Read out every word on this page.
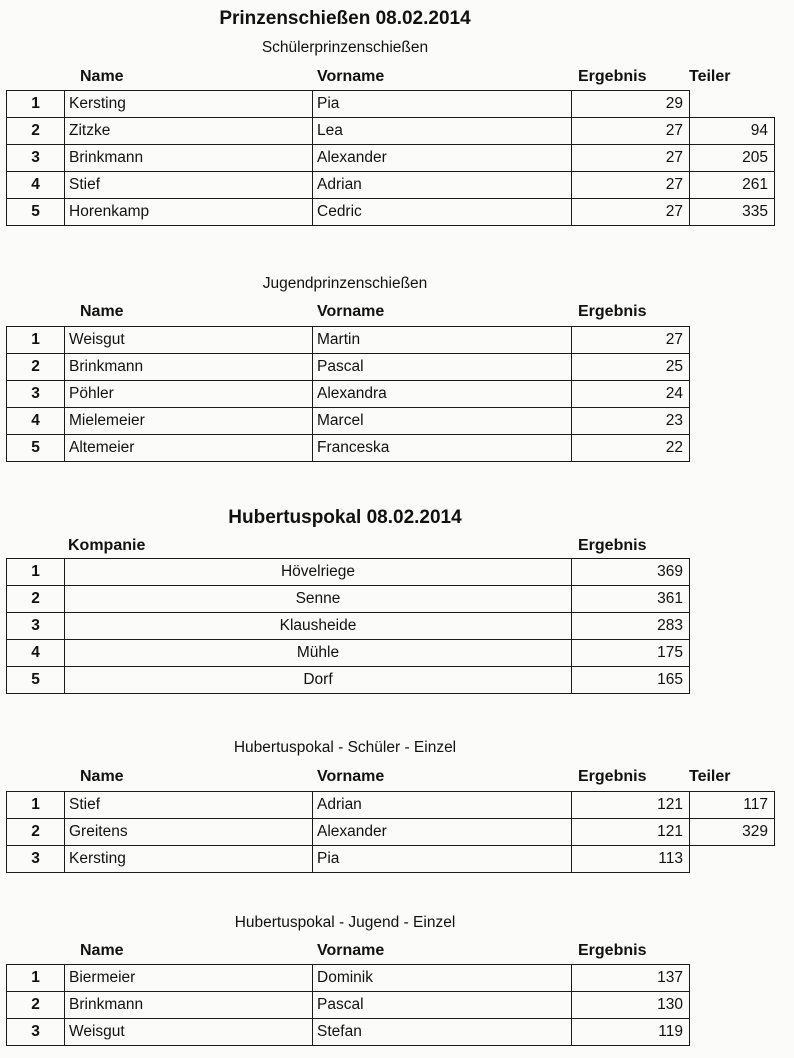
Prinzenschießen 08.02.2014
Schülerprinzenschießen
Name	Vorname	Ergebnis	Teiler
1	Kersting	Pia	29	
2	Zitzke	Lea	27	94
3	Brinkmann	Alexander	27	205
4	Stief	Adrian	27	261
5	Horenkamp	Cedric	27	335
Jugendprinzenschießen
Name	Vorname	Ergebnis
1	Weisgut	Martin	27
2	Brinkmann	Pascal	25
3	Pöhler	Alexandra	24
4	Mielemeier	Marcel	23
5	Altemeier	Franceska	22
Hubertuspokal 08.02.2014
Kompanie	Ergebnis
1	Hövelriege	369
2	Senne	361
3	Klausheide	283
4	Mühle	175
5	Dorf	165
Hubertuspokal - Schüler - Einzel
Name	Vorname	Ergebnis	Teiler
1	Stief	Adrian	121	117
2	Greitens	Alexander	121	329
3	Kersting	Pia	113	
Hubertuspokal - Jugend - Einzel
Name	Vorname	Ergebnis
1	Biermeier	Dominik	137
2	Brinkmann	Pascal	130
3	Weisgut	Stefan	119
